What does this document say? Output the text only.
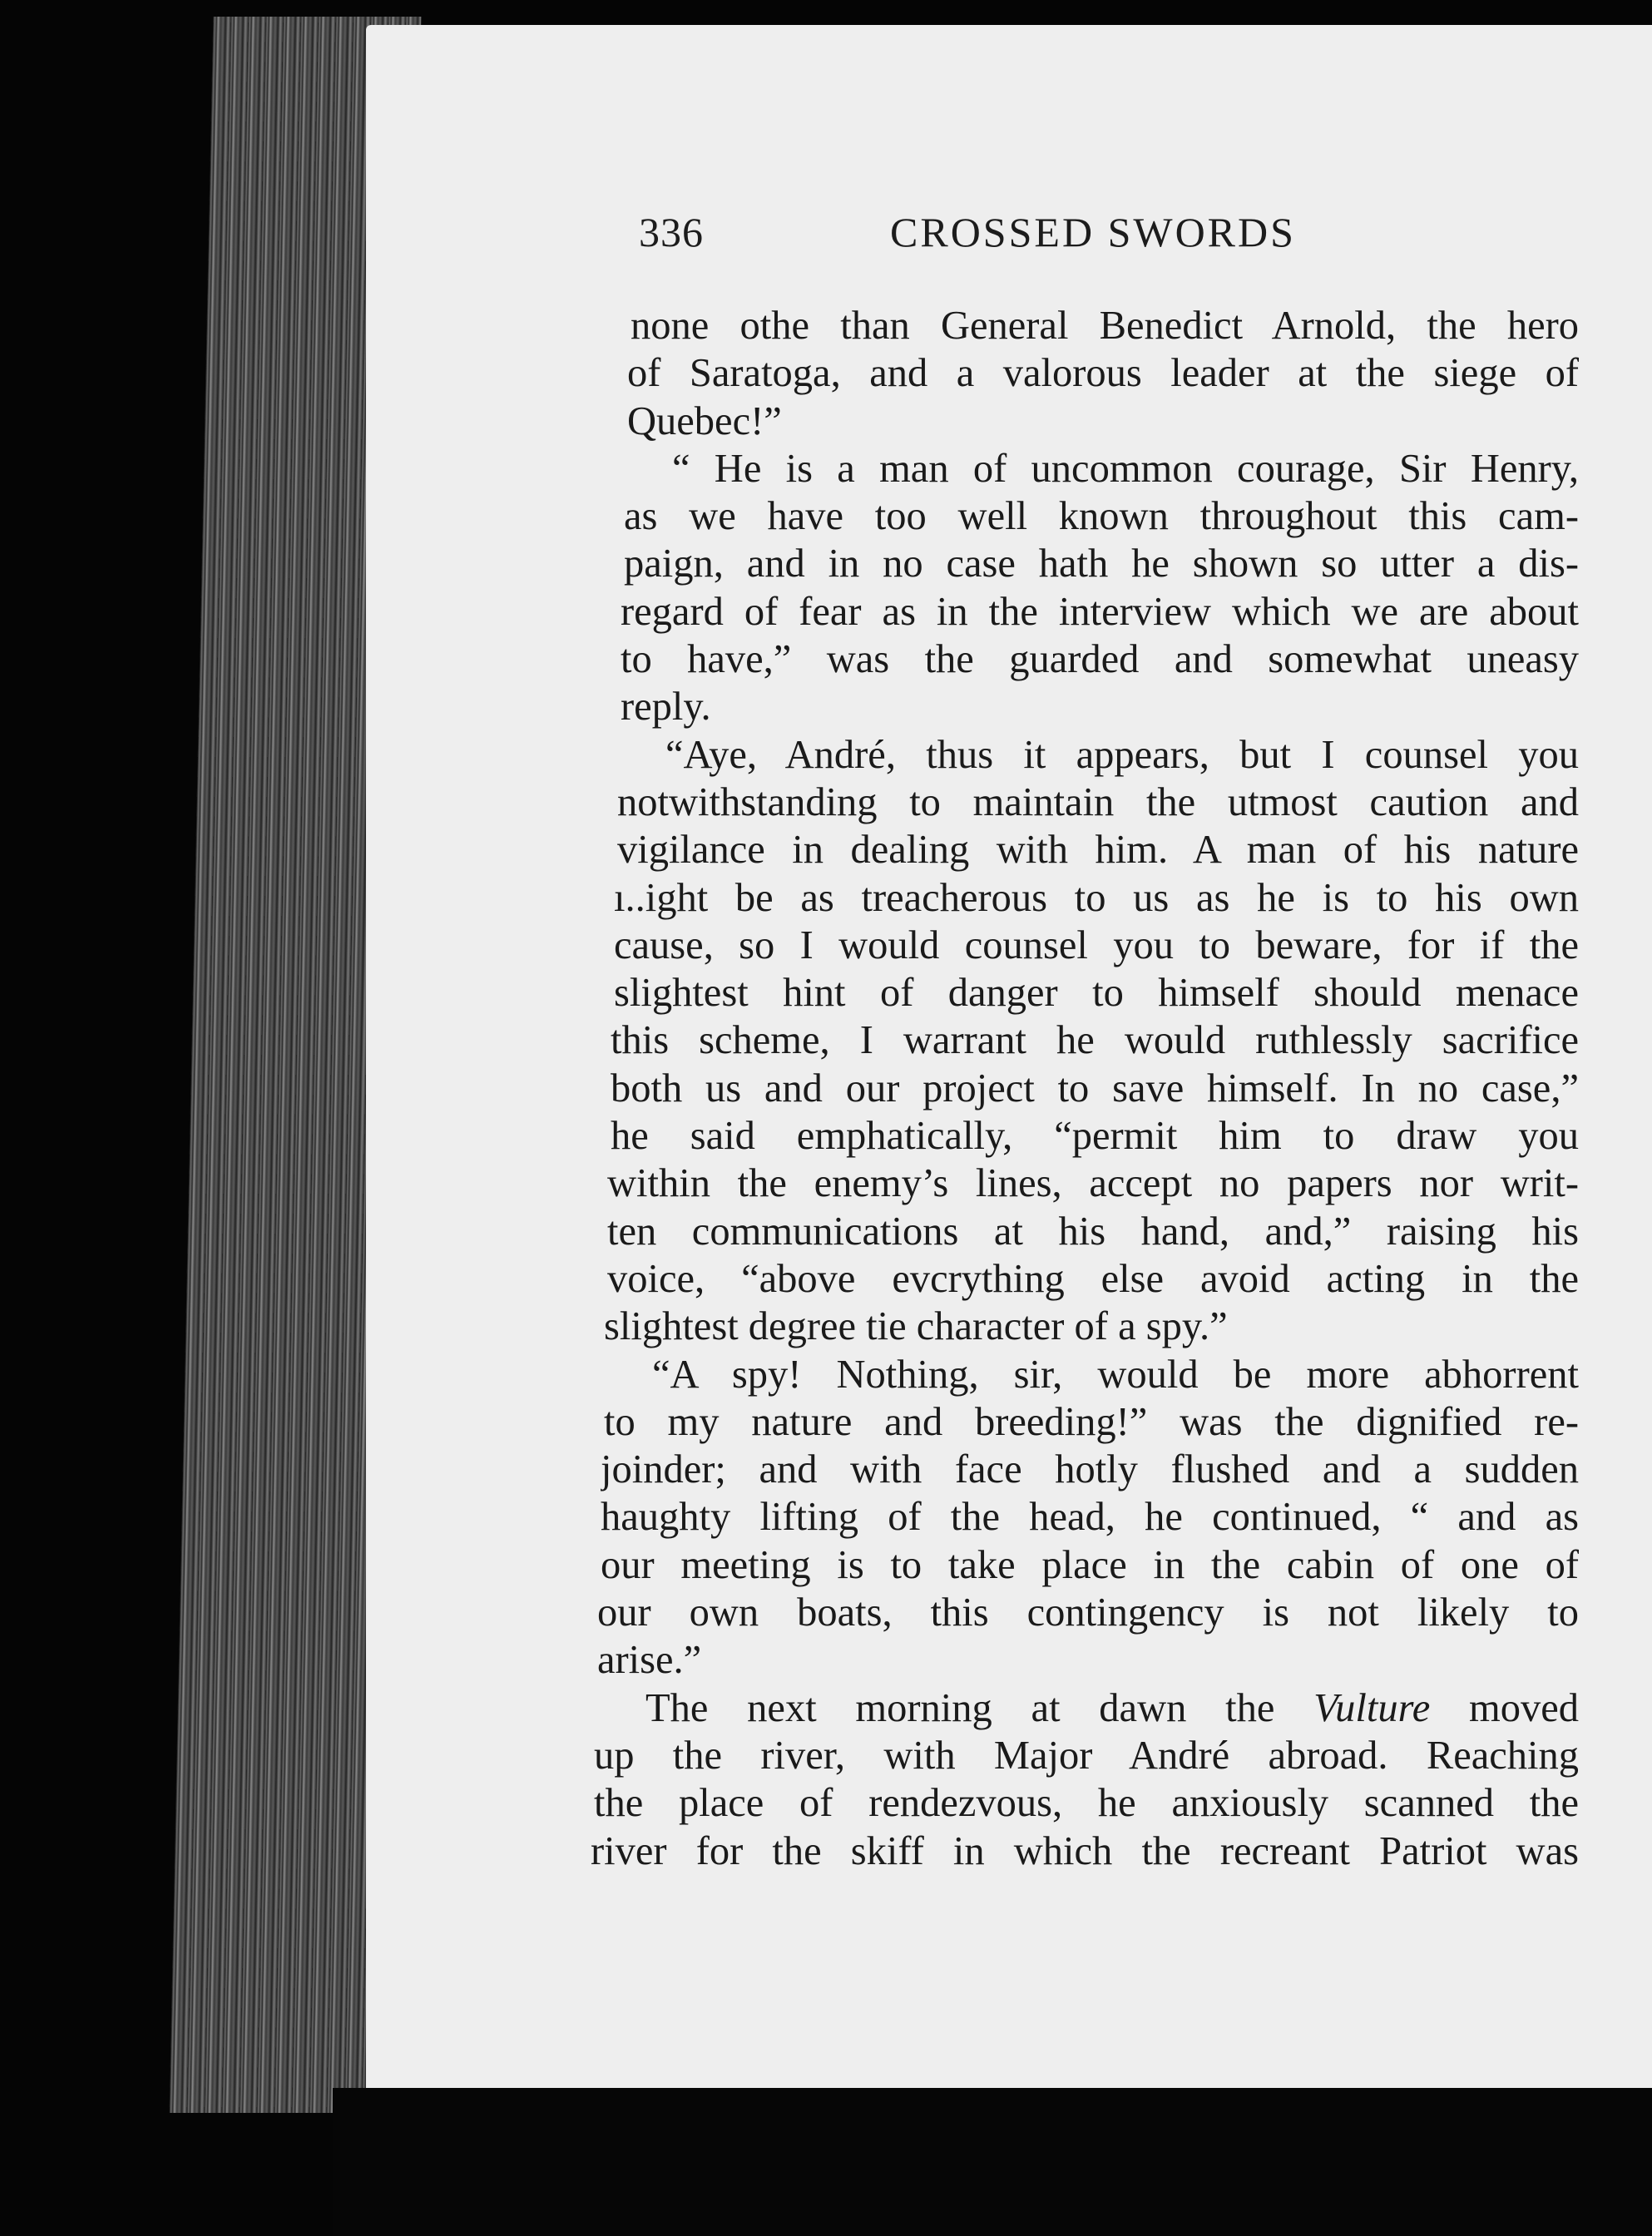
336	CROSSED SWORDS
none othe than General Benedict Arnold, the hero
of Saratoga, and a valorous leader at the siege of
Quebec!”
“ He is a man of uncommon courage, Sir Henry,
as we have too well known throughout this cam-
paign, and in no case hath he shown so utter a dis-
regard of fear as in the interview which we are about
to have,” was the guarded and somewhat uneasy
reply.
“Aye, André, thus it appears, but I counsel you
notwithstanding to maintain the utmost caution and
vigilance in dealing with him. A man of his nature
ı..ight be as treacherous to us as he is to his own
cause, so I would counsel you to beware, for if the
slightest hint of danger to himself should menace
this scheme, I warrant he would ruthlessly sacrifice
both us and our project to save himself. In no case,”
he said emphatically, “permit him to draw you
within the enemy’s lines, accept no papers nor writ-
ten communications at his hand, and,” raising his
voice, “above evcrything else avoid acting in the
slightest degree tie character of a spy.”
“A spy! Nothing, sir, would be more abhorrent
to my nature and breeding!” was the dignified re-
joinder; and with face hotly flushed and a sudden
haughty lifting of the head, he continued, “ and as
our meeting is to take place in the cabin of one of
our own boats, this contingency is not likely to
arise.”
The next morning at dawn the Vulture moved
up the river, with Major André abroad. Reaching
the place of rendezvous, he anxiously scanned the
river for the skiff in which the recreant Patriot was
